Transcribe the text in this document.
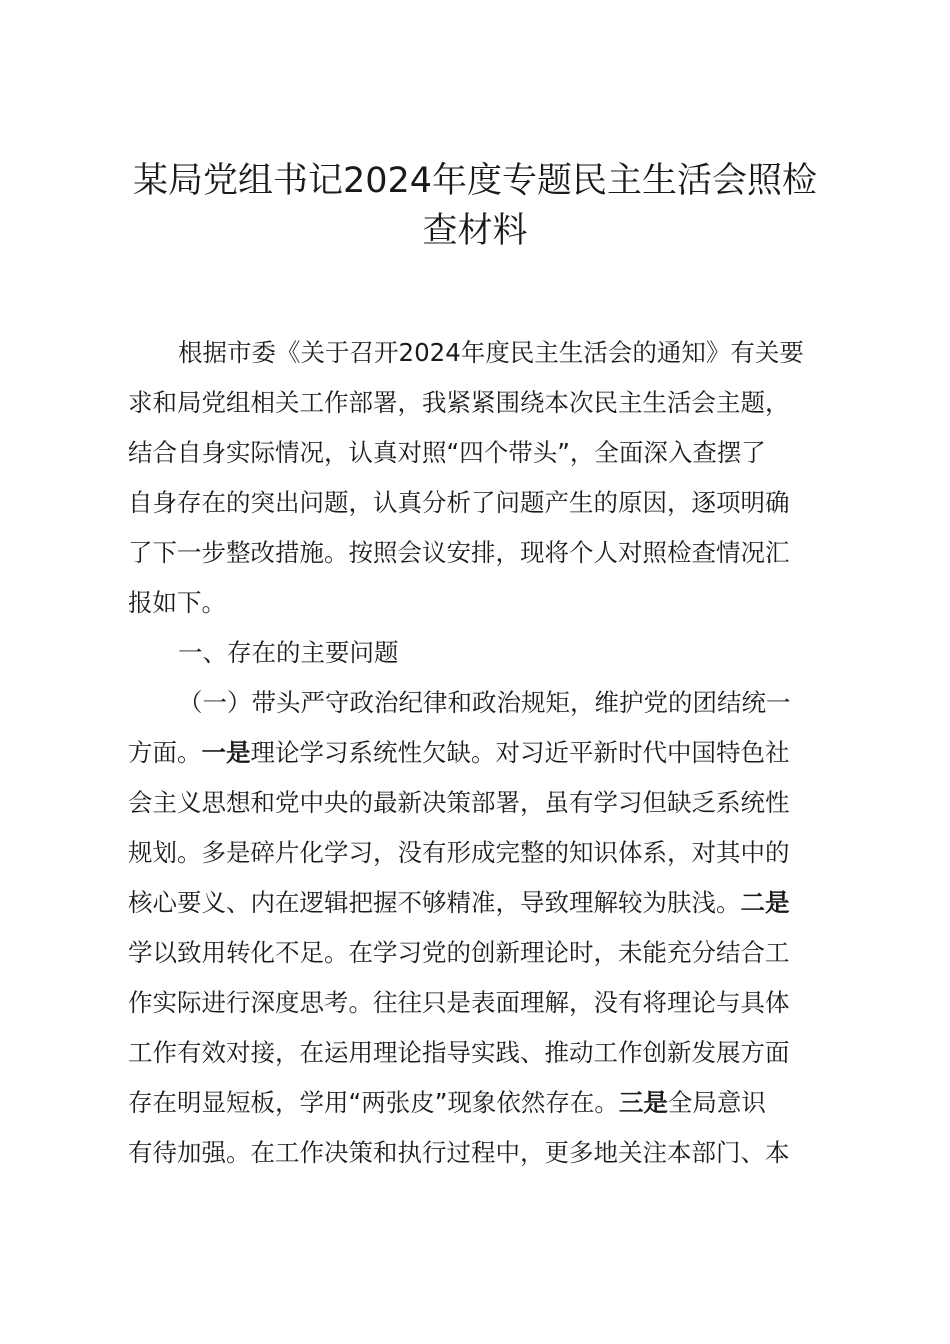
某局党组书记2024年度专题民主生活会照检
查材料
根据市委《关于召开2024年度民主生活会的通知》有关要
求和局党组相关工作部署，我紧紧围绕本次民主生活会主题，
结合自身实际情况，认真对照“四个带头”，全面深入查摆了
自身存在的突出问题，认真分析了问题产生的原因，逐项明确
了下一步整改措施。按照会议安排，现将个人对照检查情况汇
报如下。
一、存在的主要问题
（一）带头严守政治纪律和政治规矩，维护党的团结统一
方面。一是理论学习系统性欠缺。对习近平新时代中国特色社
会主义思想和党中央的最新决策部署，虽有学习但缺乏系统性
规划。多是碎片化学习，没有形成完整的知识体系，对其中的
核心要义、内在逻辑把握不够精准，导致理解较为肤浅。二是
学以致用转化不足。在学习党的创新理论时，未能充分结合工
作实际进行深度思考。往往只是表面理解，没有将理论与具体
工作有效对接，在运用理论指导实践、推动工作创新发展方面
存在明显短板，学用“两张皮”现象依然存在。三是全局意识
有待加强。在工作决策和执行过程中，更多地关注本部门、本
